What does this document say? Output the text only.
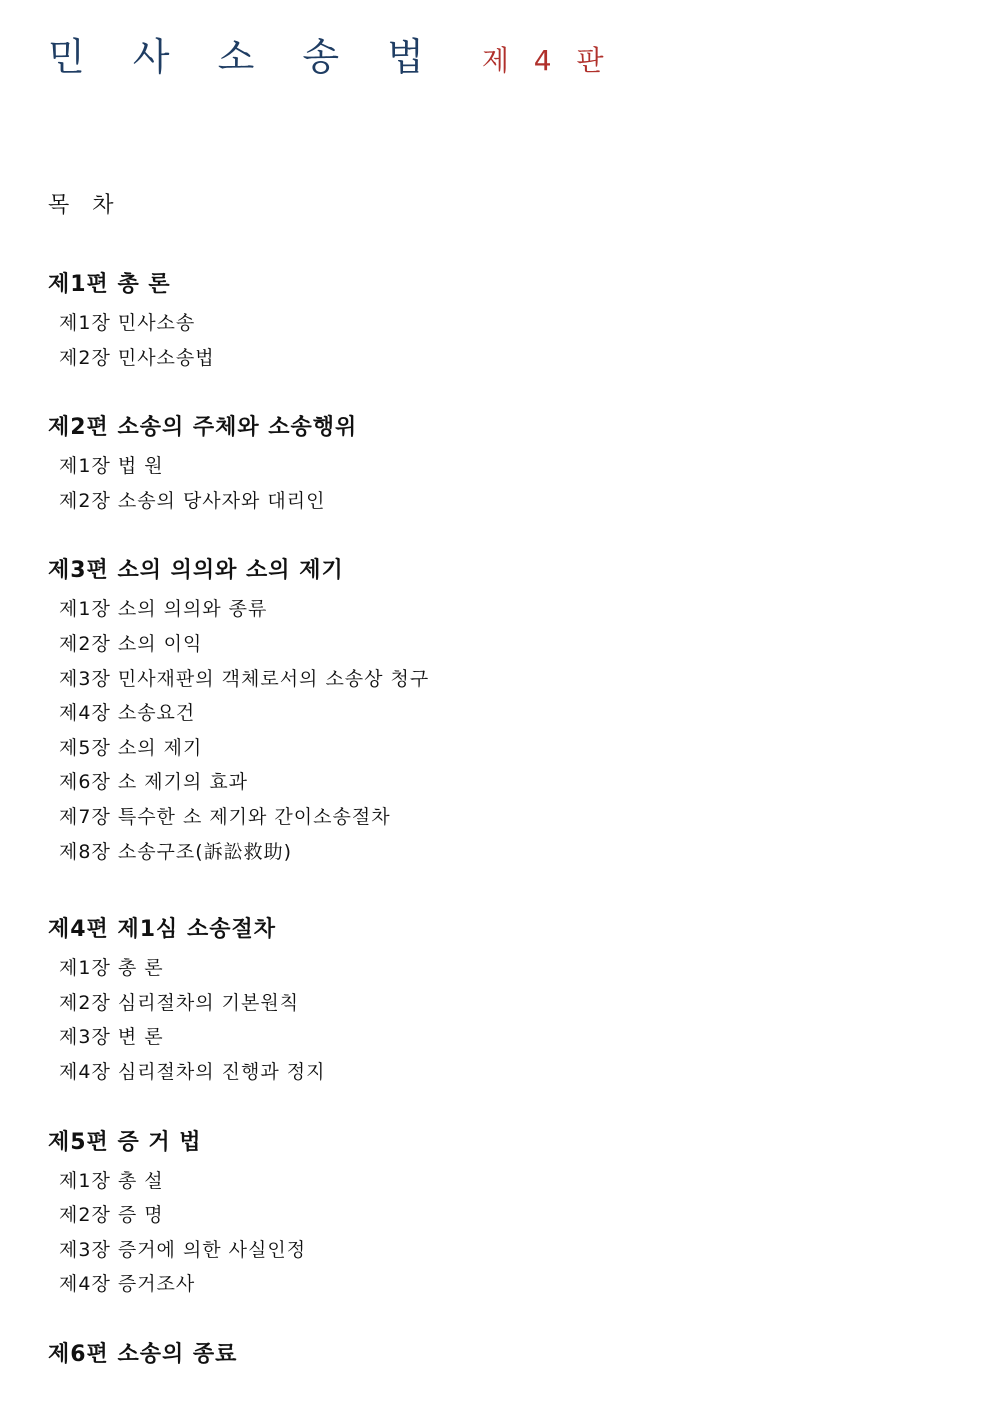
민 사 소 송 법 제 4 판
목 차
제1편 총 론
제1장 민사소송
제2장 민사소송법
제2편 소송의 주체와 소송행위
제1장 법 원
제2장 소송의 당사자와 대리인
제3편 소의 의의와 소의 제기
제1장 소의 의의와 종류
제2장 소의 이익
제3장 민사재판의 객체로서의 소송상 청구
제4장 소송요건
제5장 소의 제기
제6장 소 제기의 효과
제7장 특수한 소 제기와 간이소송절차
제8장 소송구조(訴訟救助)
제4편 제1심 소송절차
제1장 총 론
제2장 심리절차의 기본원칙
제3장 변 론
제4장 심리절차의 진행과 정지
제5편 증 거 법
제1장 총 설
제2장 증 명
제3장 증거에 의한 사실인정
제4장 증거조사
제6편 소송의 종료
